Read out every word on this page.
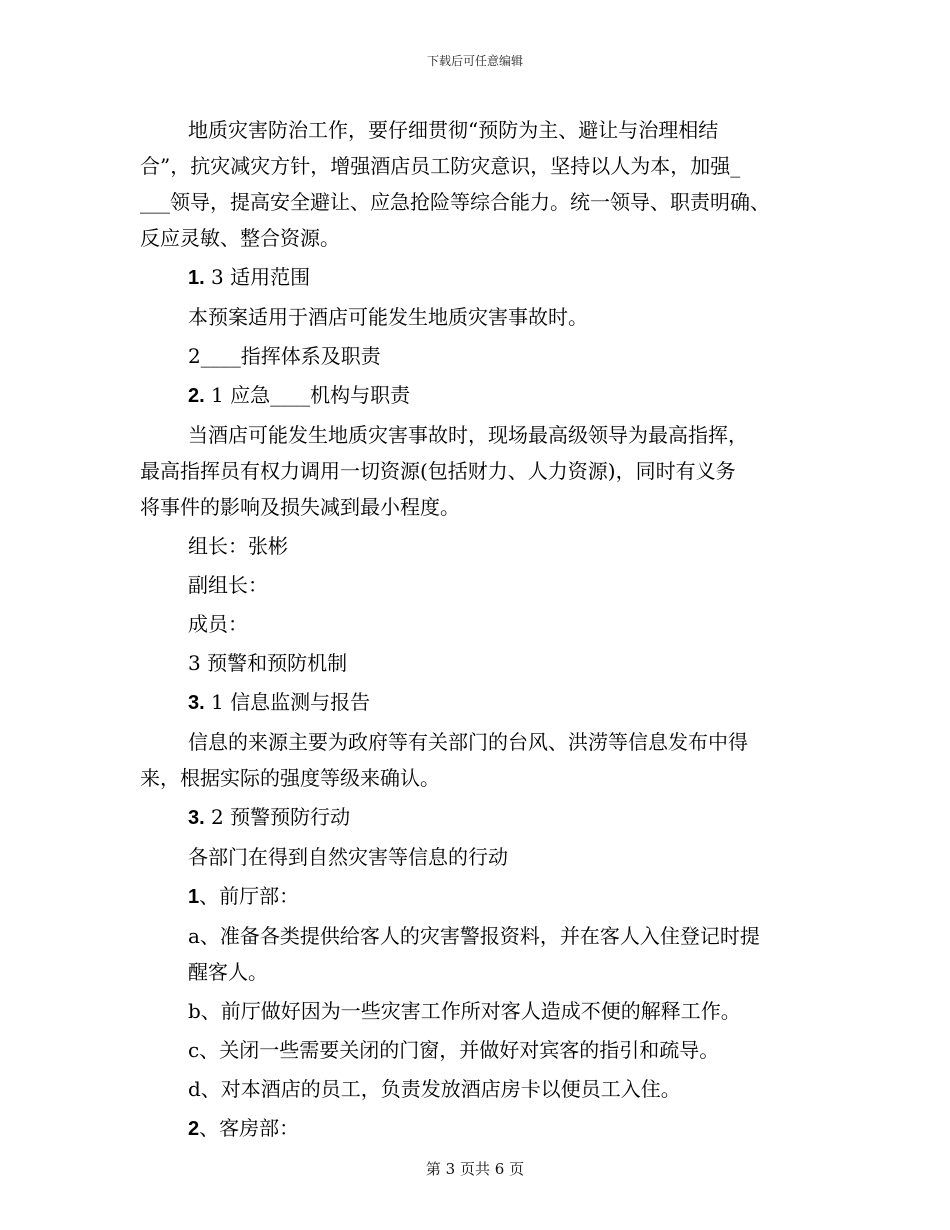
下载后可任意编辑

地质灾害防治工作，要仔细贯彻“预防为主、避让与治理相结
合”，抗灾减灾方针，增强酒店员工防灾意识，坚持以人为本，加强_
___领导，提高安全避让、应急抢险等综合能力。统一领导、职责明确、
反应灵敏、整合资源。

1. 3 适用范围

本预案适用于酒店可能发生地质灾害事故时。

2____指挥体系及职责

2. 1 应急____机构与职责

当酒店可能发生地质灾害事故时，现场最高级领导为最高指挥，
最高指挥员有权力调用一切资源(包括财力、人力资源)，同时有义务
将事件的影响及损失减到最小程度。

组长：张彬

副组长：

成员：

3 预警和预防机制

3. 1 信息监测与报告

信息的来源主要为政府等有关部门的台风、洪涝等信息发布中得
来，根据实际的强度等级来确认。

3. 2 预警预防行动

各部门在得到自然灾害等信息的行动

1、前厅部：

a、准备各类提供给客人的灾害警报资料，并在客人入住登记时提
醒客人。

b、前厅做好因为一些灾害工作所对客人造成不便的解释工作。

c、关闭一些需要关闭的门窗，并做好对宾客的指引和疏导。

d、对本酒店的员工，负责发放酒店房卡以便员工入住。

2、客房部：

第 3 页共 6 页
